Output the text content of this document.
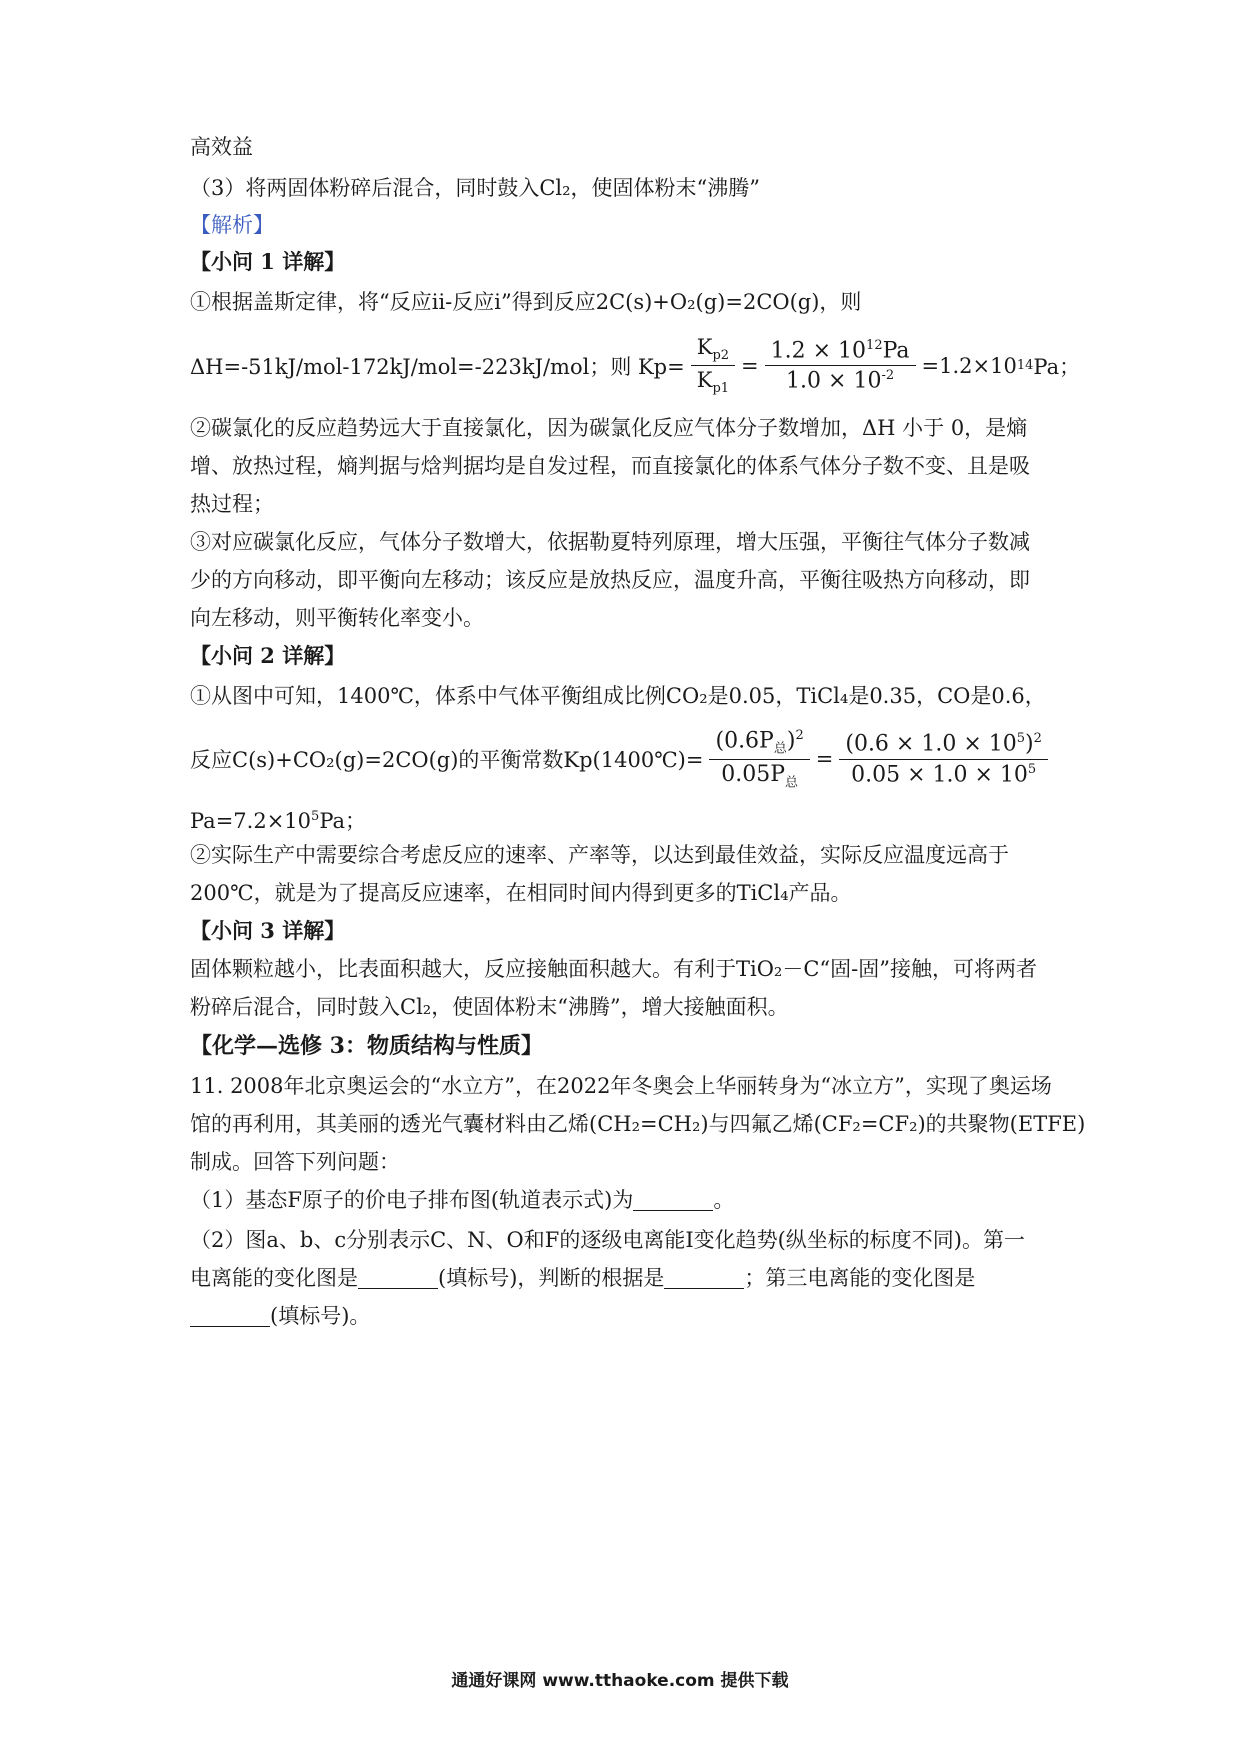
高效益
（3）将两固体粉碎后混合，同时鼓入Cl₂，使固体粉末“沸腾”
【解析】
【小问 1 详解】
①根据盖斯定律，将“反应ⅱ-反应ⅰ”得到反应2C(s)+O₂(g)=2CO(g)，则
ΔH=-51kJ/mol-172kJ/mol=-223kJ/mol；则 $Kp= \frac{K_{p2}}{K_{p1}} = \frac{1.2 \times 10^{12}Pa}{1.0 \times 10^{-2}} =1.2\times 10$ 14 Pa；
②碳氯化的反应趋势远大于直接氯化，因为碳氯化反应气体分子数增加，ΔH 小于 0，是熵
增、放热过程，熵判据与焓判据均是自发过程，而直接氯化的体系气体分子数不变、且是吸
热过程；
③对应碳氯化反应，气体分子数增大，依据勒夏特列原理，增大压强，平衡往气体分子数减
少的方向移动，即平衡向左移动；该反应是放热反应，温度升高，平衡往吸热方向移动，即
向左移动，则平衡转化率变小。
【小问 2 详解】
①从图中可知，1400℃，体系中气体平衡组成比例CO₂是0.05，TiCl₄是0.35，CO是0.6，
反应C(s)+CO₂(g)=2CO(g)的平衡常数Kp(1400℃)= $\frac{(0.6P_总)^2}{0.05P_总} = \frac{(0.6 \times 1.0 \times 10^5)^2}{0.05 \times 1.0 \times 10^5}$
$Pa=7.2\times 10^5Pa$；
②实际生产中需要综合考虑反应的速率、产率等，以达到最佳效益，实际反应温度远高于
200℃，就是为了提高反应速率，在相同时间内得到更多的TiCl₄产品。
【小问 3 详解】
固体颗粒越小，比表面积越大，反应接触面积越大。有利于TiO₂－C“固-固”接触，可将两者
粉碎后混合，同时鼓入Cl₂，使固体粉末“沸腾”，增大接触面积。
【化学—选修 3：物质结构与性质】
11. 2008年北京奥运会的“水立方”，在2022年冬奥会上华丽转身为“冰立方”，实现了奥运场
馆的再利用，其美丽的透光气囊材料由乙烯(CH₂=CH₂)与四氟乙烯(CF₂=CF₂)的共聚物(ETFE)
制成。回答下列问题：
（1）基态F原子的价电子排布图(轨道表示式)为	。
（2）图a、b、c分别表示C、N、O和F的逐级电离能I变化趋势(纵坐标的标度不同)。第一
电离能的变化图是	(填标号)，判断的根据是	；第三电离能的变化图是
(填标号)。
通通好课网 www.tthaoke.com 提供下载
